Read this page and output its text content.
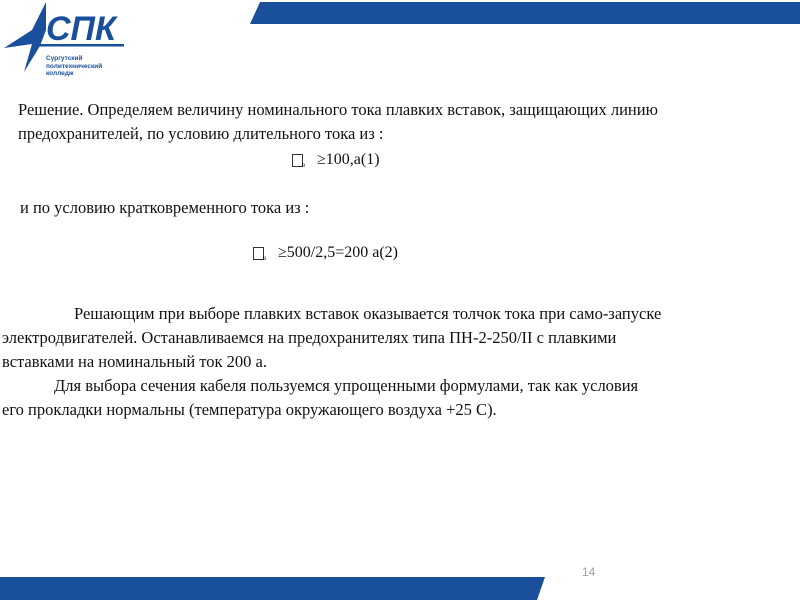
СПК
Сургутский
политехнический
колледж
Решение. Определяем величину номинального тока плавких вставок, защищающих линию
предохранителей, по условию длительного тока из :
в ≥100,а(1)
и по условию кратковременного тока из :
в ≥500/2,5=200 а(2)
Решающим при выборе плавких вставок оказывается толчок тока при само-запуске
электродвигателей. Останавливаемся на предохранителях типа ПН-2-250/II с плавкими
вставками на номинальный ток 200 а.
Для выбора сечения кабеля пользуемся упрощенными формулами, так как условия
его прокладки нормальны (температура окружающего воздуха +25 С).
14
